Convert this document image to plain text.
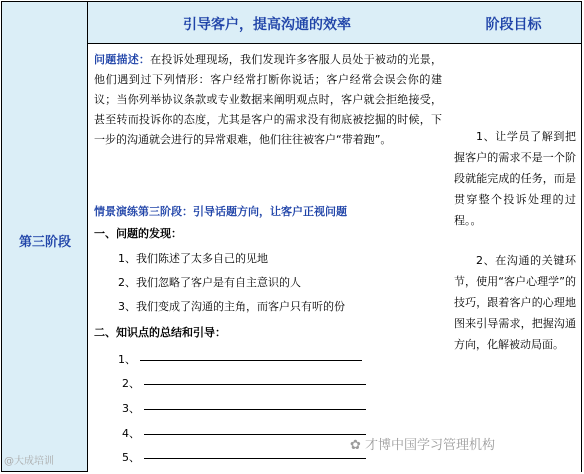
第三阶段
引导客户，提高沟通的效率
问题描述：在投诉处理现场，我们发现许多客服人员处于被动的光景，他们遇到过下列情形：客户经常打断你说话；客户经常会误会你的建议；当你列举协议条款或专业数据来阐明观点时，客户就会拒绝接受，甚至转而投诉你的态度，尤其是客户的需求没有彻底被挖掘的时候，下一步的沟通就会进行的异常艰难，他们往往被客户“带着跑”。
情景演练第三阶段：引导话题方向，让客户正视问题
一、问题的发现：
1、我们陈述了太多自己的见地
2、我们忽略了客户是有自主意识的人
3、我们变成了沟通的主角，而客户只有听的份
二、知识点的总结和引导：
1、
2、
3、
4、
5、
阶段目标
1、让学员了解到把握客户的需求不是一个阶段就能完成的任务，而是贯穿整个投诉处理的过程。。
2、在沟通的关键环节，使用“客户心理学”的技巧，跟着客户的心理地图来引导需求，把握沟通方向，化解被动局面。
@大成培训
✿ 才博中国学习管理机构
